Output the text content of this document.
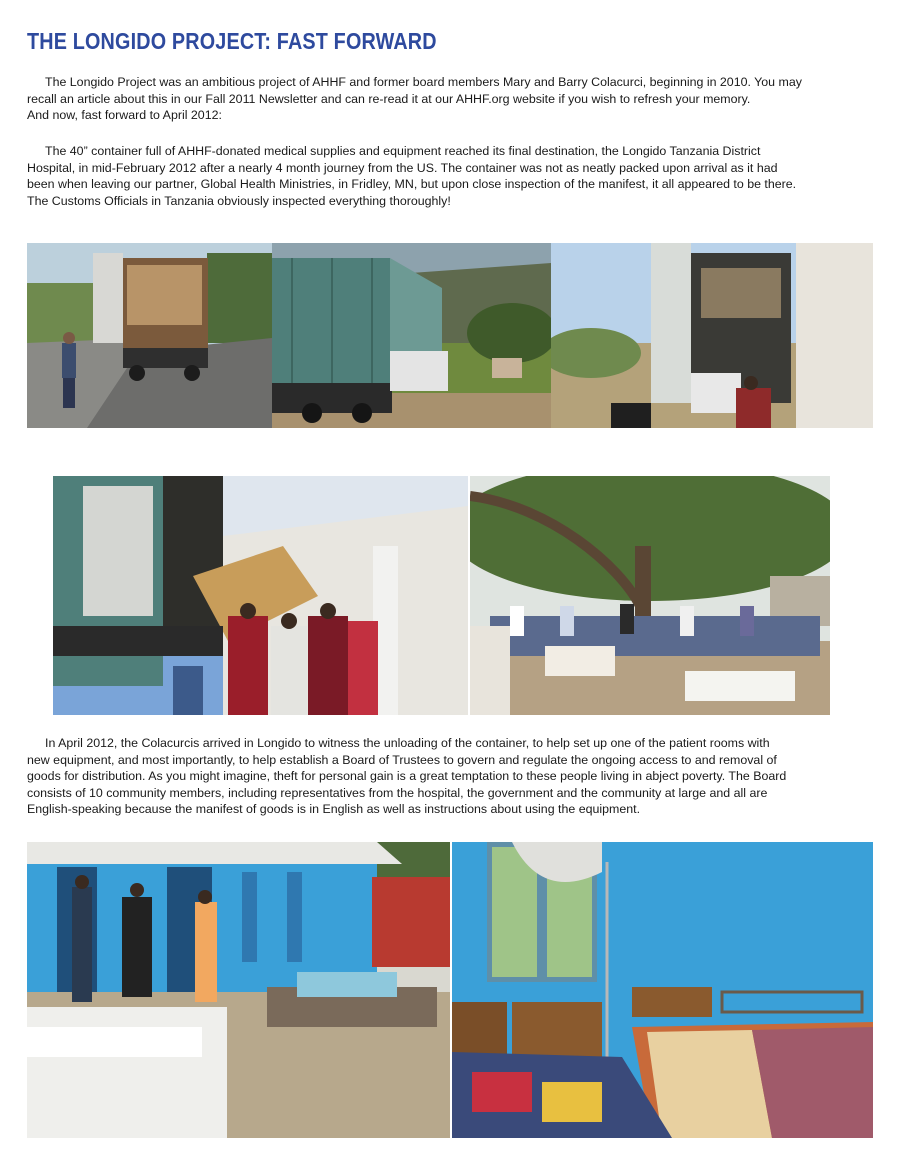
THE LONGIDO PROJECT: FAST FORWARD

The Longido Project was an ambitious project of AHHF and former board members Mary and Barry Colacurci, beginning in 2010. You may
recall an article about this in our Fall 2011 Newsletter and can re-read it at our AHHF.org website if you wish to refresh your memory.
And now, fast forward to April 2012:

The 40” container full of AHHF-donated medical supplies and equipment reached its final destination, the Longido Tanzania District
Hospital, in mid-February 2012 after a nearly 4 month journey from the US. The container was not as neatly packed upon arrival as it had
been when leaving our partner, Global Health Ministries, in Fridley, MN, but upon close inspection of the manifest, it all appeared to be there.
The Customs Officials in Tanzania obviously inspected everything thoroughly!

In April 2012, the Colacurcis arrived in Longido to witness the unloading of the container, to help set up one of the patient rooms with
new equipment, and most importantly, to help establish a Board of Trustees to govern and regulate the ongoing access to and removal of
goods for distribution. As you might imagine, theft for personal gain is a great temptation to these people living in abject poverty. The Board
consists of 10 community members, including representatives from the hospital, the government and the community at large and all are
English-speaking because the manifest of goods is in English as well as instructions about using the equipment.
